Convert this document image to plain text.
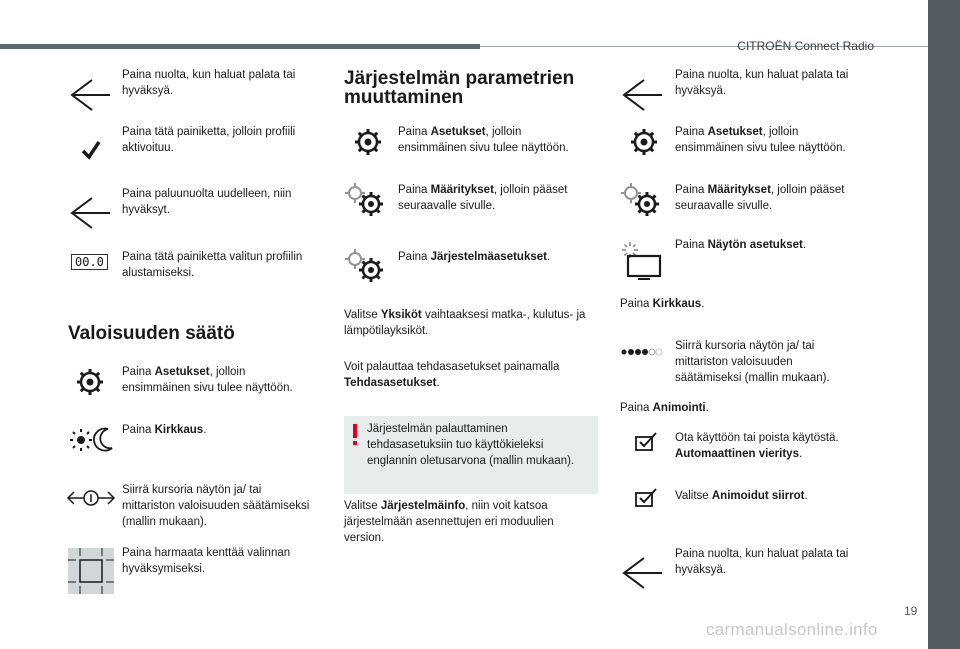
CITROËN Connect Radio
19
carmanualsonline.info
Paina nuolta, kun haluat palata tai hyväksyä.
Paina tätä painiketta, jolloin profiili aktivoituu.
Paina paluunuolta uudelleen, niin hyväksyt.
00.0	Paina tätä painiketta valitun profiilin alustamiseksi.
Valoisuuden säätö
Paina Asetukset, jolloin ensimmäinen sivu tulee näyttöön.
Paina Kirkkaus.
Siirrä kursoria näytön ja/ tai mittariston valoisuuden säätämiseksi (mallin mukaan).
Paina harmaata kenttää valinnan hyväksymiseksi.
Järjestelmän parametrien
muuttaminen
Paina Asetukset, jolloin ensimmäinen sivu tulee näyttöön.
Paina Määritykset, jolloin pääset seuraavalle sivulle.
Paina Järjestelmäasetukset.
Valitse Yksiköt vaihtaaksesi matka-, kulutus- ja lämpötilayksiköt.
Voit palauttaa tehdasasetukset painamalla Tehdasasetukset.
Järjestelmän palauttaminen tehdasasetuksiin tuo käyttökieleksi englannin oletusarvona (mallin mukaan).
Valitse Järjestelmäinfo, niin voit katsoa järjestelmään asennettujen eri moduulien version.
Paina nuolta, kun haluat palata tai hyväksyä.
Paina Asetukset, jolloin ensimmäinen sivu tulee näyttöön.
Paina Määritykset, jolloin pääset seuraavalle sivulle.
Paina Näytön asetukset.
Paina Kirkkaus.
Siirrä kursoria näytön ja/ tai mittariston valoisuuden säätämiseksi (mallin mukaan).
Paina Animointi.
Ota käyttöön tai poista käytöstä. Automaattinen vieritys.
Valitse Animoidut siirrot.
Paina nuolta, kun haluat palata tai hyväksyä.
